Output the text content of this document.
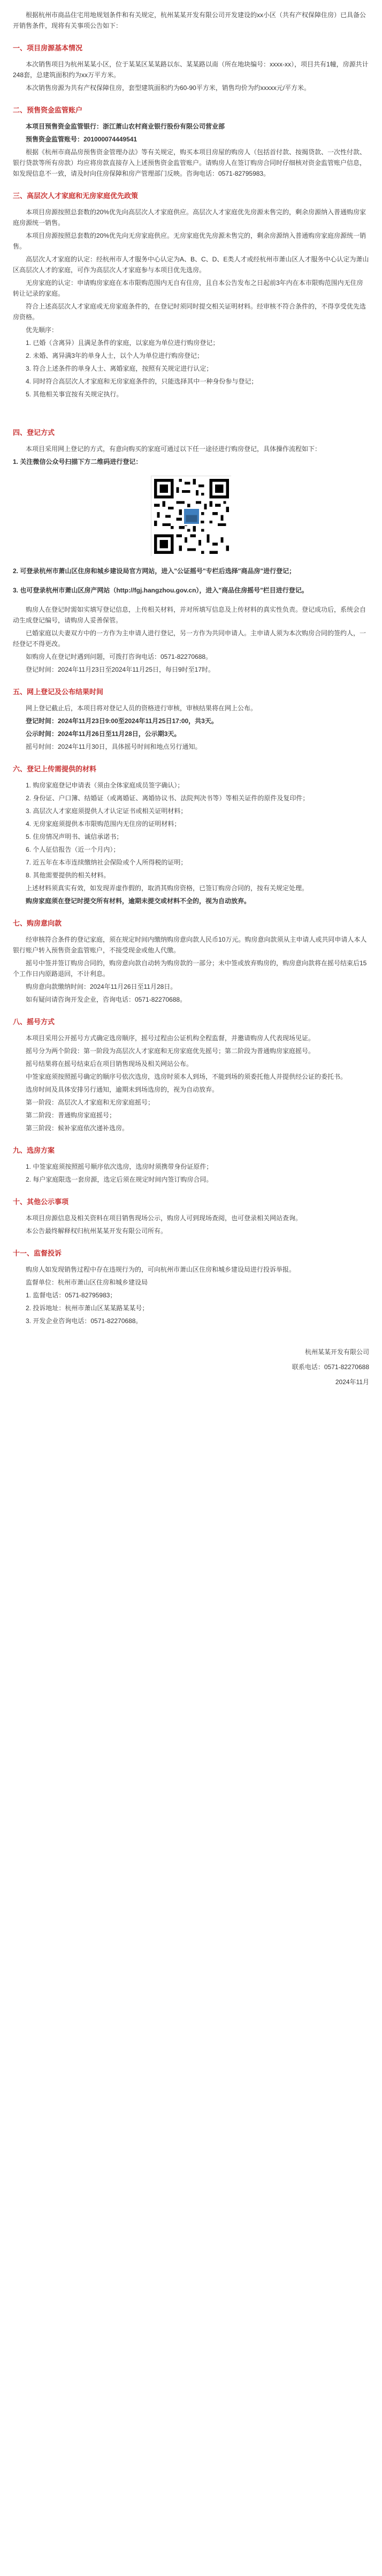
根据杭州市商品住宅用地规划条件和有关规定，杭州某某开发有限公司开发建设的xx小区（共有产权保障住房）已具备公开销售条件，现将有关事项公告如下：

一、项目房源基本情况

本次销售项目为杭州某某小区，位于某某区某某路以东、某某路以南（所在地块编号：xxxx-xx），项目共有1幢，房源共计248套，总建筑面积约为xx万平方米。

本次销售房源为共有产权保障住房，套型建筑面积约为60-90平方米，销售均价为约xxxxx元/平方米。

二、预售资金监管账户

本项目预售资金监管银行：浙江萧山农村商业银行股份有限公司营业部

预售资金监管账号：201000074449541

根据《杭州市商品房预售资金管理办法》等有关规定，购买本项目房屋的购房人（包括首付款、按揭贷款、一次性付款、银行贷款等所有房款）均应将房款直接存入上述预售资金监管账户。请购房人在签订购房合同时仔细核对资金监管账户信息，如发现信息不一致，请及时向住房保障和房产管理部门反映。咨询电话：0571-82795983。

三、高层次人才家庭和无房家庭优先政策

本项目房源按照总套数的20%优先向高层次人才家庭供应。高层次人才家庭优先房源未售完的，剩余房源纳入普通购房家庭房源统一销售。

本项目房源按照总套数的20%优先向无房家庭供应。无房家庭优先房源未售完的，剩余房源纳入普通购房家庭房源统一销售。

高层次人才家庭的认定：经杭州市人才服务中心认定为A、B、C、D、E类人才或经杭州市萧山区人才服务中心认定为萧山区高层次人才的家庭，可作为高层次人才家庭参与本项目优先选房。

无房家庭的认定：申请购房家庭在本市限购范围内无自有住房，且自本公告发布之日起前3年内在本市限购范围内无住房转让记录的家庭。

符合上述高层次人才家庭或无房家庭条件的，在登记时须同时提交相关证明材料。经审核不符合条件的，不得享受优先选房资格。

优先顺序：

1. 已婚（含离异）且满足条件的家庭，以家庭为单位进行购房登记；

2. 未婚、离异满3年的单身人士，以个人为单位进行购房登记；

3. 符合上述条件的单身人士、离婚家庭，按照有关规定进行认定；

4. 同时符合高层次人才家庭和无房家庭条件的，只能选择其中一种身份参与登记；

5. 其他相关事宜按有关规定执行。

四、登记方式

本项目采用网上登记的方式，有意向购买的家庭可通过以下任一途径进行购房登记，具体操作流程如下：

1. 关注微信公众号扫描下方二维码进行登记：

2. 可登录杭州市萧山区住房和城乡建设局官方网站，进入"公证摇号"专栏后选择"商品房"进行登记；

3. 也可登录杭州市萧山区房产网站（http://fgj.hangzhou.gov.cn），进入"商品住房摇号"栏目进行登记。

购房人在登记时需如实填写登记信息，上传相关材料，并对所填写信息及上传材料的真实性负责。登记成功后，系统会自动生成登记编号，请购房人妥善保管。

已婚家庭以夫妻双方中的一方作为主申请人进行登记，另一方作为共同申请人。主申请人须为本次购房合同的签约人，一经登记不得更改。

如购房人在登记时遇到问题，可拨打咨询电话：0571-82270688。

登记时间：2024年11月23日至2024年11月25日，每日9时至17时。

五、网上登记及公布结果时间

网上登记截止后，本项目将对登记人员的资格进行审核，审核结果将在网上公布。

登记时间：2024年11月23日9:00至2024年11月25日17:00，共3天。

公示时间：2024年11月26日至11月28日，公示期3天。

摇号时间：2024年11月30日，具体摇号时间和地点另行通知。

六、登记上传需提供的材料

1. 购房家庭登记申请表（须由全体家庭成员签字确认）；

2. 身份证、户口簿、结婚证（或离婚证、离婚协议书、法院判决书等）等相关证件的原件及复印件；

3. 高层次人才家庭须提供人才认定证书或相关证明材料；

4. 无房家庭须提供本市限购范围内无住房的证明材料；

5. 住房情况声明书、诚信承诺书；

6. 个人征信报告（近一个月内）；

7. 近五年在本市连续缴纳社会保险或个人所得税的证明；

8. 其他需要提供的相关材料。

上述材料须真实有效，如发现弄虚作假的，取消其购房资格，已签订购房合同的，按有关规定处理。

购房家庭须在登记时提交所有材料，逾期未提交或材料不全的，视为自动放弃。

七、购房意向款

经审核符合条件的登记家庭，须在规定时间内缴纳购房意向款人民币10万元。购房意向款须从主申请人或共同申请人本人银行账户转入预售资金监管账户，不接受现金或他人代缴。

摇号中签并签订购房合同的，购房意向款自动转为购房款的一部分；未中签或放弃购房的，购房意向款将在摇号结束后15个工作日内原路退回，不计利息。

购房意向款缴纳时间：2024年11月26日至11月28日。

如有疑问请咨询开发企业，咨询电话：0571-82270688。

八、摇号方式

本项目采用公开摇号方式确定选房顺序，摇号过程由公证机构全程监督，并邀请购房人代表现场见证。

摇号分为两个阶段：第一阶段为高层次人才家庭和无房家庭优先摇号；第二阶段为普通购房家庭摇号。

摇号结果将在摇号结束后在项目销售现场及相关网站公布。

中签家庭须按照摇号确定的顺序号依次选房，选房时须本人到场，不能到场的须委托他人并提供经公证的委托书。

选房时间及具体安排另行通知，逾期未到场选房的，视为自动放弃。

第一阶段：高层次人才家庭和无房家庭摇号；

第二阶段：普通购房家庭摇号；

第三阶段：候补家庭依次递补选房。

九、选房方案

1. 中签家庭须按照摇号顺序依次选房，选房时须携带身份证原件；

2. 每户家庭限选一套房源，选定后须在规定时间内签订购房合同。

十、其他公示事项

本项目房源信息及相关资料在项目销售现场公示，购房人可到现场查阅，也可登录相关网站查询。

本公告最终解释权归杭州某某开发有限公司所有。

十一、监督投诉

购房人如发现销售过程中存在违规行为的，可向杭州市萧山区住房和城乡建设局进行投诉举报。

监督单位：杭州市萧山区住房和城乡建设局

1. 监督电话：0571-82795983；

2. 投诉地址：杭州市萧山区某某路某某号；

3. 开发企业咨询电话：0571-82270688。

杭州某某开发有限公司

联系电话：0571-82270688

2024年11月
